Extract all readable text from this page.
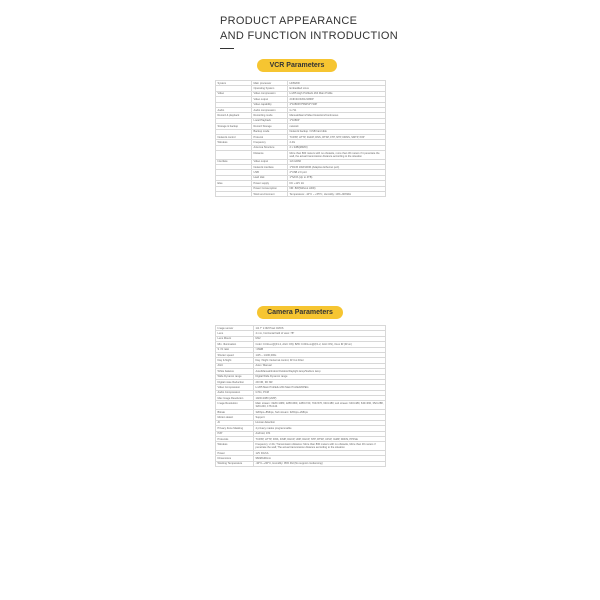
PRODUCT APPEARANCE
AND FUNCTION INTRODUCTION
VCR Parameters
System	Main processor	HI3520D
	Operating System	Embedded Linux
Video	Video compression	H.265 High Profile/H.264 Main Profile
	Video output	2CIF/4CIF/D1/1080P
	Video capability	4*1080P/4*5MP/4*720P
Audio	Audio compression	G.711
Record & playback	Recording mode	Manual/Alarm/Video Detection/Continuous
	Local Playback	1*1080P
Storage & backup	Record Storage	network
	Backup mode	Network backup / USB hard disk
Network control	Protocol	TCP/IP, HTTP, DHCP, DNS, RTSP, FTP, NTP, DDNS, SMTP, P2P
Wireless	Frequency	2.4G
	Antenna Structure	2 x 3dBi(MIMO)
	Distance	More than 800 meters with no obstacle, more than 30 meters if it penetrate the wall, the actual transmission distance according to the situation
Interface	Video output	1ch HDMI
	Network interface	1*RJ45 10M/100M (Adaptive Ethernet port)
	USB	2*USB 2.0 port
	Hard disk	1*SATA (Up to 4TB)
Else	Power supply	DC +12V 2A
	Power Consumption	NR: 8W(Without HDD)
	Work environment	Temperature: -10°C ~ +55°C, Humidity: 10%~90%RH
Camera Parameters
Image sensor	1/2.7" 2.0M Pixel CMOS
Lens	4 mm, horizontal field of view: 78°
Lens Mount	M12
Min. Illumination	Color: 0.01Lux@(F1.2, AGC ON); B/W: 0.001Lux@(F1.2, AGC ON), 0Lux IR (IR on)
S / N ratio	>39dB
Shutter speed	1/25 ~ 1/100,000s
Day & Night	Day / Night / External control, IR Cut Filter
AGC	Auto / Manual
White balance	Auto/Manual/Indoor/Outdoor/Daylight lamp/Sodium lamp
Wide Dynamic range	Digital Wide Dynamic range
Digital noise Reduction	2D NR, 3D NR
Video Compression	H.265 Main Profile/H.264 Main Profile/MJPEG
Audio Compression	G711, PCM
Max Image Resolution	1920×1080 (2MP)
Image Resolution	Main stream: 1920×1080, 1280×960, 1280×720, 704×576, 640×480; sub stream: 640×480, 640×360, 352×288, 320×240, 176×144
Bitrate	32Kbps~8Mbps, Sub stream: 32Kbps~2Mbps
Motion detect	Support
AI	Human detection
Privacy Zone Masking	4 privacy masks programmable
P2P	Android, iOS
Protocols	TCP/IP, HTTP, DNS, ICMP, DHCP, UDP, DHCP, NTP, RTSP, UPnP, IGMP, DDNS, PPPoE
Wireless	Frequency: 2.4G; Transmission distance: More than 800 meters with no obstacle, More than 30 meters if penetrate the wall; The actual transmission distance according to the situation
Power	12V DC/1A
Dimensions	98x98x90mm
Working Temperature	-30°C~+60°C, Humidity: 95% RH (No support condensing)
